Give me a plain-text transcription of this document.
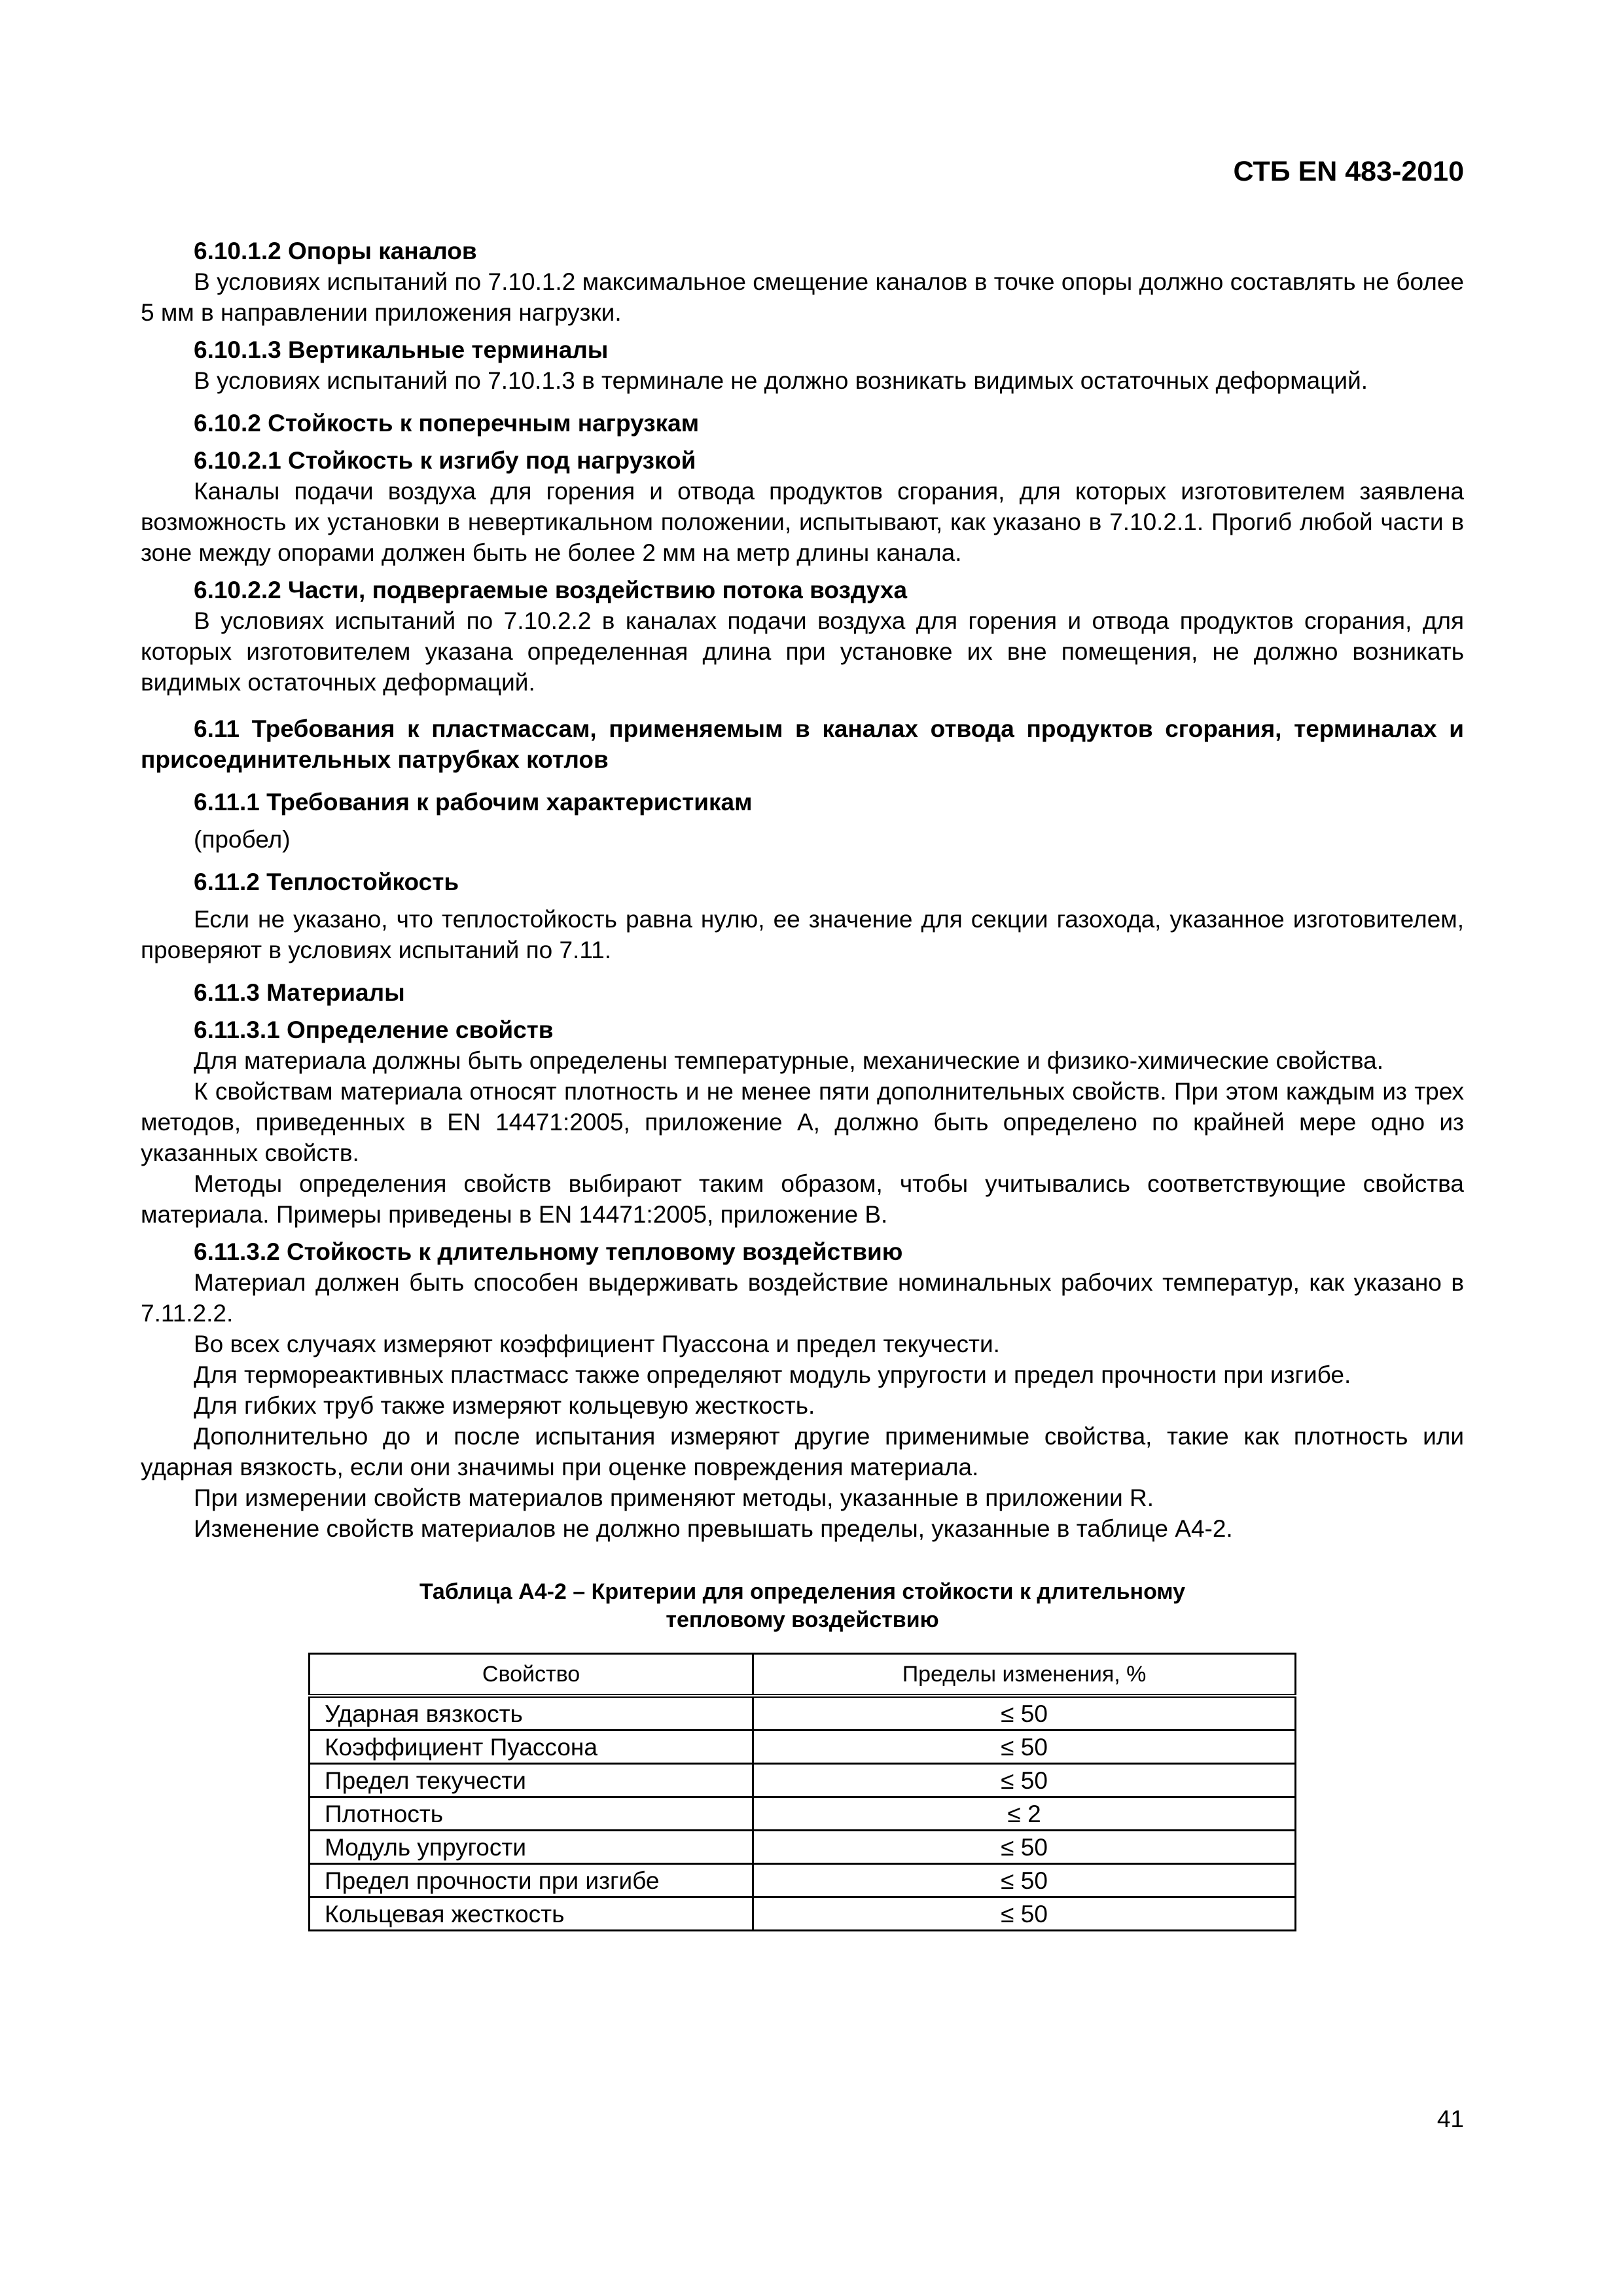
СТБ EN 483-2010

6.10.1.2 Опоры каналов

В условиях испытаний по 7.10.1.2 максимальное смещение каналов в точке опоры должно составлять не более 5 мм в направлении приложения нагрузки.

6.10.1.3 Вертикальные терминалы

В условиях испытаний по 7.10.1.3 в терминале не должно возникать видимых остаточных деформаций.

6.10.2 Стойкость к поперечным нагрузкам

6.10.2.1 Стойкость к изгибу под нагрузкой

Каналы подачи воздуха для горения и отвода продуктов сгорания, для которых изготовителем заявлена возможность их установки в невертикальном положении, испытывают, как указано в 7.10.2.1. Прогиб любой части в зоне между опорами должен быть не более 2 мм на метр длины канала.

6.10.2.2 Части, подвергаемые воздействию потока воздуха

В условиях испытаний по 7.10.2.2 в каналах подачи воздуха для горения и отвода продуктов сгорания, для которых изготовителем указана определенная длина при установке их вне помещения, не должно возникать видимых остаточных деформаций.

6.11 Требования к пластмассам, применяемым в каналах отвода продуктов сгорания, терминалах и присоединительных патрубках котлов

6.11.1 Требования к рабочим характеристикам

(пробел)

6.11.2 Теплостойкость

Если не указано, что теплостойкость равна нулю, ее значение для секции газохода, указанное изготовителем, проверяют в условиях испытаний по 7.11.

6.11.3 Материалы

6.11.3.1 Определение свойств

Для материала должны быть определены температурные, механические и физико-химические свойства.

К свойствам материала относят плотность и не менее пяти дополнительных свойств. При этом каждым из трех методов, приведенных в EN 14471:2005, приложение А, должно быть определено по крайней мере одно из указанных свойств.

Методы определения свойств выбирают таким образом, чтобы учитывались соответствующие свойства материала. Примеры приведены в EN 14471:2005, приложение В.

6.11.3.2 Стойкость к длительному тепловому воздействию

Материал должен быть способен выдерживать воздействие номинальных рабочих температур, как указано в 7.11.2.2.

Во всех случаях измеряют коэффициент Пуассона и предел текучести.

Для термореактивных пластмасс также определяют модуль упругости и предел прочности при изгибе.

Для гибких труб также измеряют кольцевую жесткость.

Дополнительно до и после испытания измеряют другие применимые свойства, такие как плотность или ударная вязкость, если они значимы при оценке повреждения материала.

При измерении свойств материалов применяют методы, указанные в приложении R.

Изменение свойств материалов не должно превышать пределы, указанные в таблице А4-2.

Таблица А4-2 – Критерии для определения стойкости к длительному
тепловому воздействию
Свойство	Пределы изменения, %
Ударная вязкость	≤ 50
Коэффициент Пуассона	≤ 50
Предел текучести	≤ 50
Плотность	≤ 2
Модуль упругости	≤ 50
Предел прочности при изгибе	≤ 50
Кольцевая жесткость	≤ 50
41
